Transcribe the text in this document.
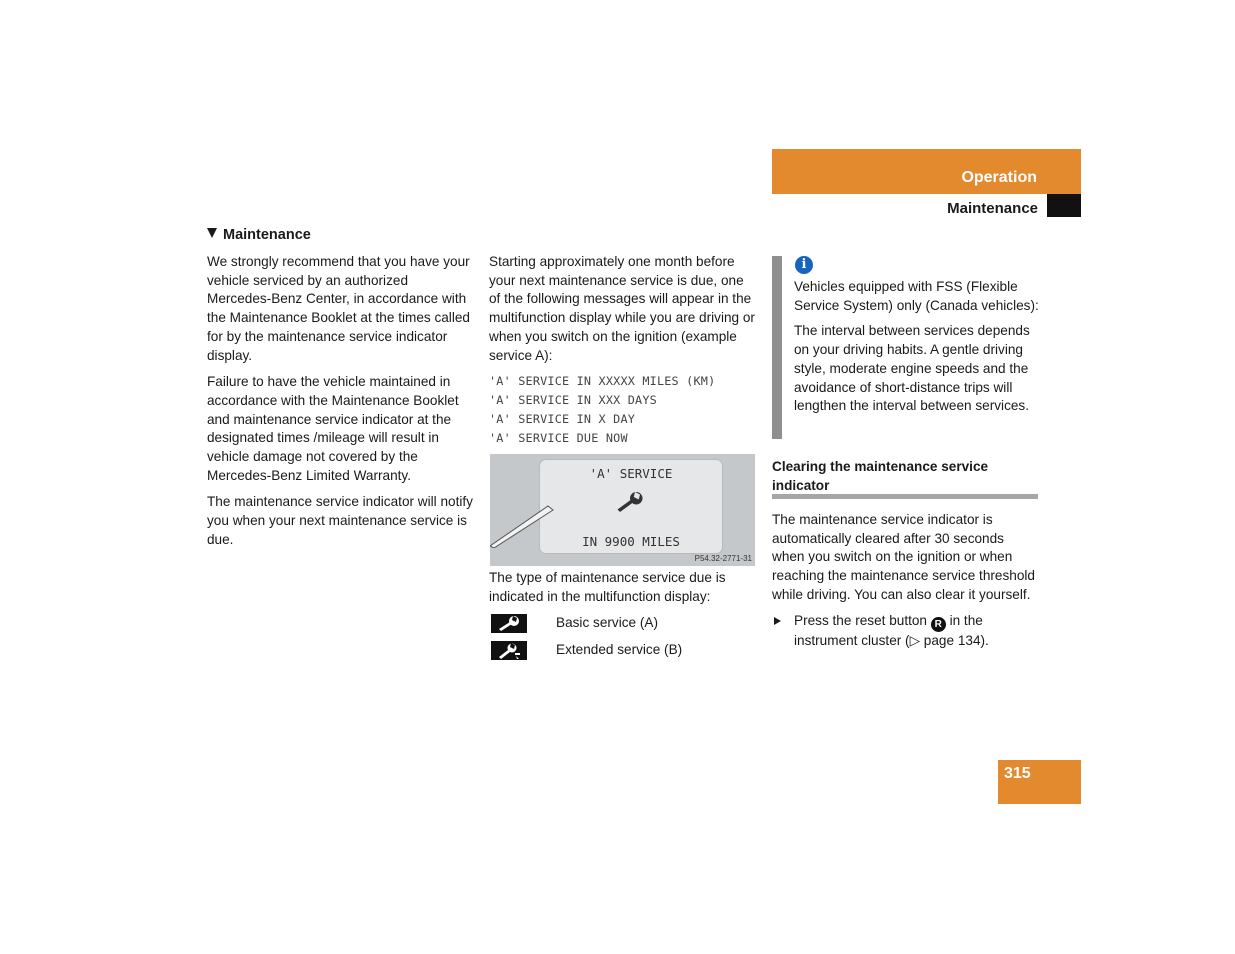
Operation
Maintenance
315
Maintenance

We strongly recommend that you have your vehicle serviced by an authorized Mercedes-Benz Center, in accordance with the Maintenance Booklet at the times called for by the maintenance service indicator display.

Failure to have the vehicle maintained in accordance with the Maintenance Booklet and maintenance service indicator at the designated times /mileage will result in vehicle damage not covered by the Mercedes-Benz Limited Warranty.

The maintenance service indicator will notify you when your next maintenance service is due.

Starting approximately one month before your next maintenance service is due, one of the following messages will appear in the multifunction display while you are driving or when you switch on the ignition (example service A):

'A' SERVICE IN XXXXX MILES (KM)
'A' SERVICE IN XXX DAYS
'A' SERVICE IN X DAY
'A' SERVICE DUE NOW
'A' SERVICE
IN 9900 MILES
P54.32-2771-31

The type of maintenance service due is indicated in the multifunction display:

Basic service (A)
Extended service (B)
i

Vehicles equipped with FSS (Flexible Service System) only (Canada vehicles):

The interval between services depends on your driving habits. A gentle driving style, moderate engine speeds and the avoidance of short-distance trips will lengthen the interval between services.

Clearing the maintenance service indicator

The maintenance service indicator is automatically cleared after 30 seconds when you switch on the ignition or when reaching the maintenance service threshold while driving. You can also clear it yourself.

Press the reset button R in the instrument cluster (▷ page 134).
